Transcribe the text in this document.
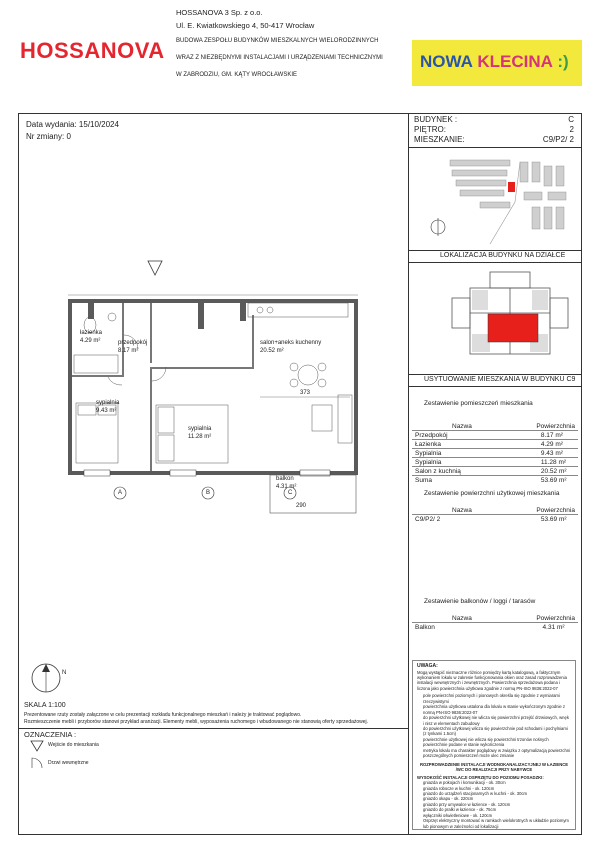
HOSSANOVA
HOSSANOVA 3 Sp. z o.o.
Ul. E. Kwiatkowskiego 4, 50-417 Wrocław
BUDOWA ZESPOŁU BUDYNKÓW MIESZKALNYCH WIELORODZINNYCH
WRAZ Z NIEZBĘDNYMI INSTALACJAMI I URZĄDZENIAMI TECHNICZNYMI
W ZABRODZIU, GM. KĄTY WROCŁAWSKIE
NOWA KLECINA :)
Data wydania: 15/10/2024
Nr zmiany: 0
BUDYNEK :	C
PIĘTRO:	2
MIESZKANIE:	C9/P2/ 2
LOKALIZACJA BUDYNKU NA DZIAŁCE
USYTUOWANIE MIESZKANIA W BUDYNKU C9
Zestawienie pomieszczeń mieszkania
Nazwa	Powierzchnia
Przedpokój	8.17 m²
Łazienka	4.29 m²
Sypialnia	9.43 m²
Sypialnia	11.28 m²
Salon z kuchnią	20.52 m²
Suma	53.69 m²
Zestawienie powierzchni użytkowej mieszkania
Nazwa	Powierzchnia
C9/P2/ 2	53.69 m²
Zestawienie balkonów / loggi / tarasów
Nazwa	Powierzchnia
Balkon	4.31 m²
UWAGA:
Mogą wystąpić nieznaczne różnice pomiędzy kartą katalogową, a faktycznym wykonaniem lokalu w zakresie funkcjonowania okien oraz zasad rozprowadzenia instalacji wewnętrznych i zewnętrznych. Powierzchnia sprzedażowa podana i liczona jako powierzchnia użytkowa zgodnie z normą PN-ISO 9836:2022-07
pole powierzchni poziomych i pionowych określa się zgodnie z wymiarami rzeczywistymi
powierzchnia użytkowa ustalona dla lokalu w stanie wykończonym zgodnie z normą PN-ISO 9836:2022-07
do powierzchni użytkowej nie wlicza się powierzchni przejść drzwiowych, wnęk i nisz w elementach zabudowy
do powierzchni użytkowej wlicza się powierzchnie pod schodami i pochylniami (z tynkami 1.5cm)
powierzchnie użytkowej nie wlicza się powierzchni trzonów nośnych powierzchnie podane w stanie wykończenia
metryka lokalu ma charakter poglądowy w związku z optymalizacją powierzchni poszczególnych pomieszczeń może ulec zmianie
ROZPROWADZENIE INSTALACJI WODNOKANALIZACYJNEJ W ŁAZIENCE /WC DO REALIZACJI PRZY NABYWCE
WYSOKOŚĆ INSTALACJI OSPRZĘTU DO POZIOMU POSADZKI:
gniazda w pokojach i komunikacji - ok. 30cm
gniazda robocze w kuchni - ok. 120cm
gniazdo do urządzeń stacjonarnych w kuchni - ok. 30cm
gniazdo okapu - ok. 220cm
gniazdo przy umywalce w łazience - ok. 120cm
gniazdo do pralki w łazience - ok. 75cm
wyłączniki oświetleniowe - ok. 120cm
Osprzęt elektryczny montować w ramkach wielokrotnych w układzie poziomym lub pionowym w zależności od lokalizacji
łazienka
4.29 m²	przedpokój
8.17 m²
salon+aneks kuchenny
20.52 m²
sypialnia
9.43 m²
sypialnia
11.28 m²
balkon
4.31 m²
373
290
A	B	C
N
SKALA 1:100
Prezentowane rzuty zostały załączone w celu prezentacji rozkładu funkcjonalnego mieszkań i należy je traktować poglądowo.
Rozmieszczenie mebli i przyborów stanowi przykład aranżacji. Elementy mebli, wyposażenia ruchomego i wbudowanego nie stanowią oferty sprzedażowej.
OZNACZENIA :
Wejście do mieszkania
Drzwi wewnętrzne
